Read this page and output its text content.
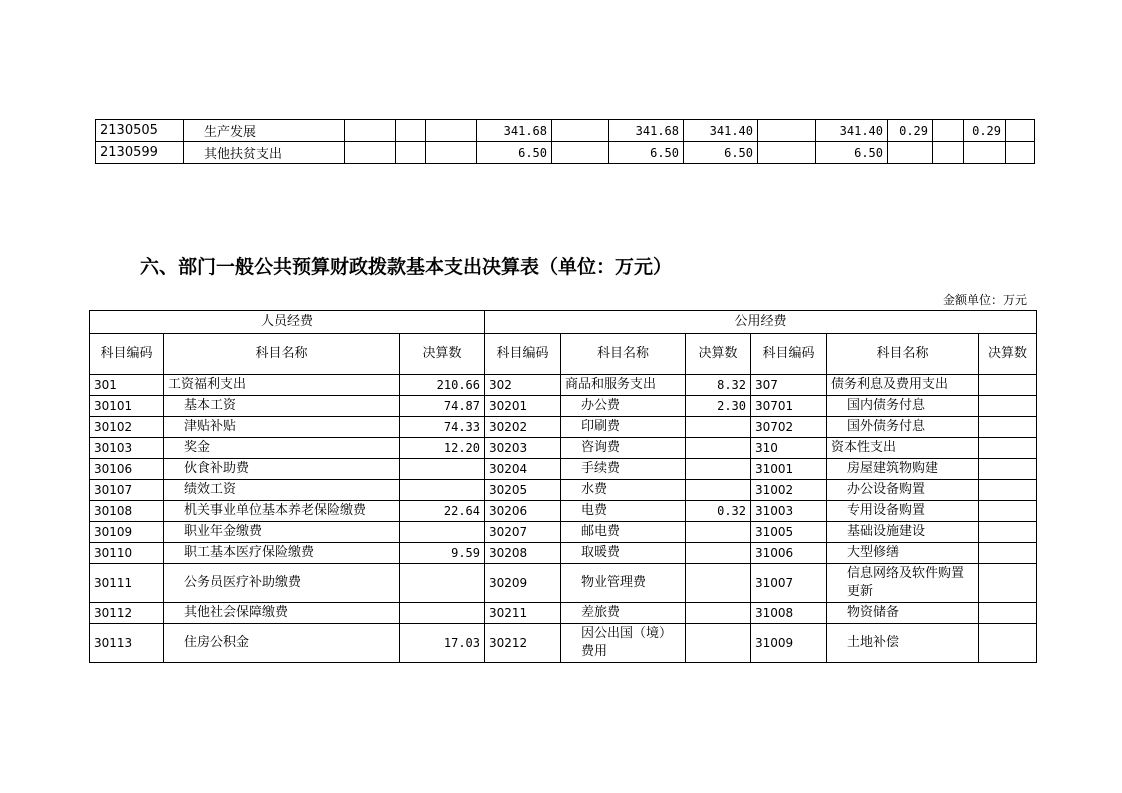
2130505	生产发展				341.68		341.68	341.40		341.40	0.29		0.29	
2130599	其他扶贫支出				6.50		6.50	6.50		6.50				
六、部门一般公共预算财政拨款基本支出决算表（单位：万元）
金额单位：万元
人员经费			公用经费					
科目编码	科目名称	决算数	科目编码	科目名称	决算数	科目编码	科目名称	决算数
301	工资福利支出	210.66	302	商品和服务支出	8.32	307	债务利息及费用支出	
30101	基本工资	74.87	30201	办公费	2.30	30701	国内债务付息	
30102	津贴补贴	74.33	30202	印刷费		30702	国外债务付息	
30103	奖金	12.20	30203	咨询费		310	资本性支出	
30106	伙食补助费		30204	手续费		31001	房屋建筑物购建	
30107	绩效工资		30205	水费		31002	办公设备购置	
30108	机关事业单位基本养老保险缴费	22.64	30206	电费	0.32	31003	专用设备购置	
30109	职业年金缴费		30207	邮电费		31005	基础设施建设	
30110	职工基本医疗保险缴费	9.59	30208	取暖费		31006	大型修缮	
30111	公务员医疗补助缴费		30209	物业管理费		31007	信息网络及软件购置更新	
30112	其他社会保障缴费		30211	差旅费		31008	物资储备	
30113	住房公积金	17.03	30212	因公出国（境）费用		31009	土地补偿	
